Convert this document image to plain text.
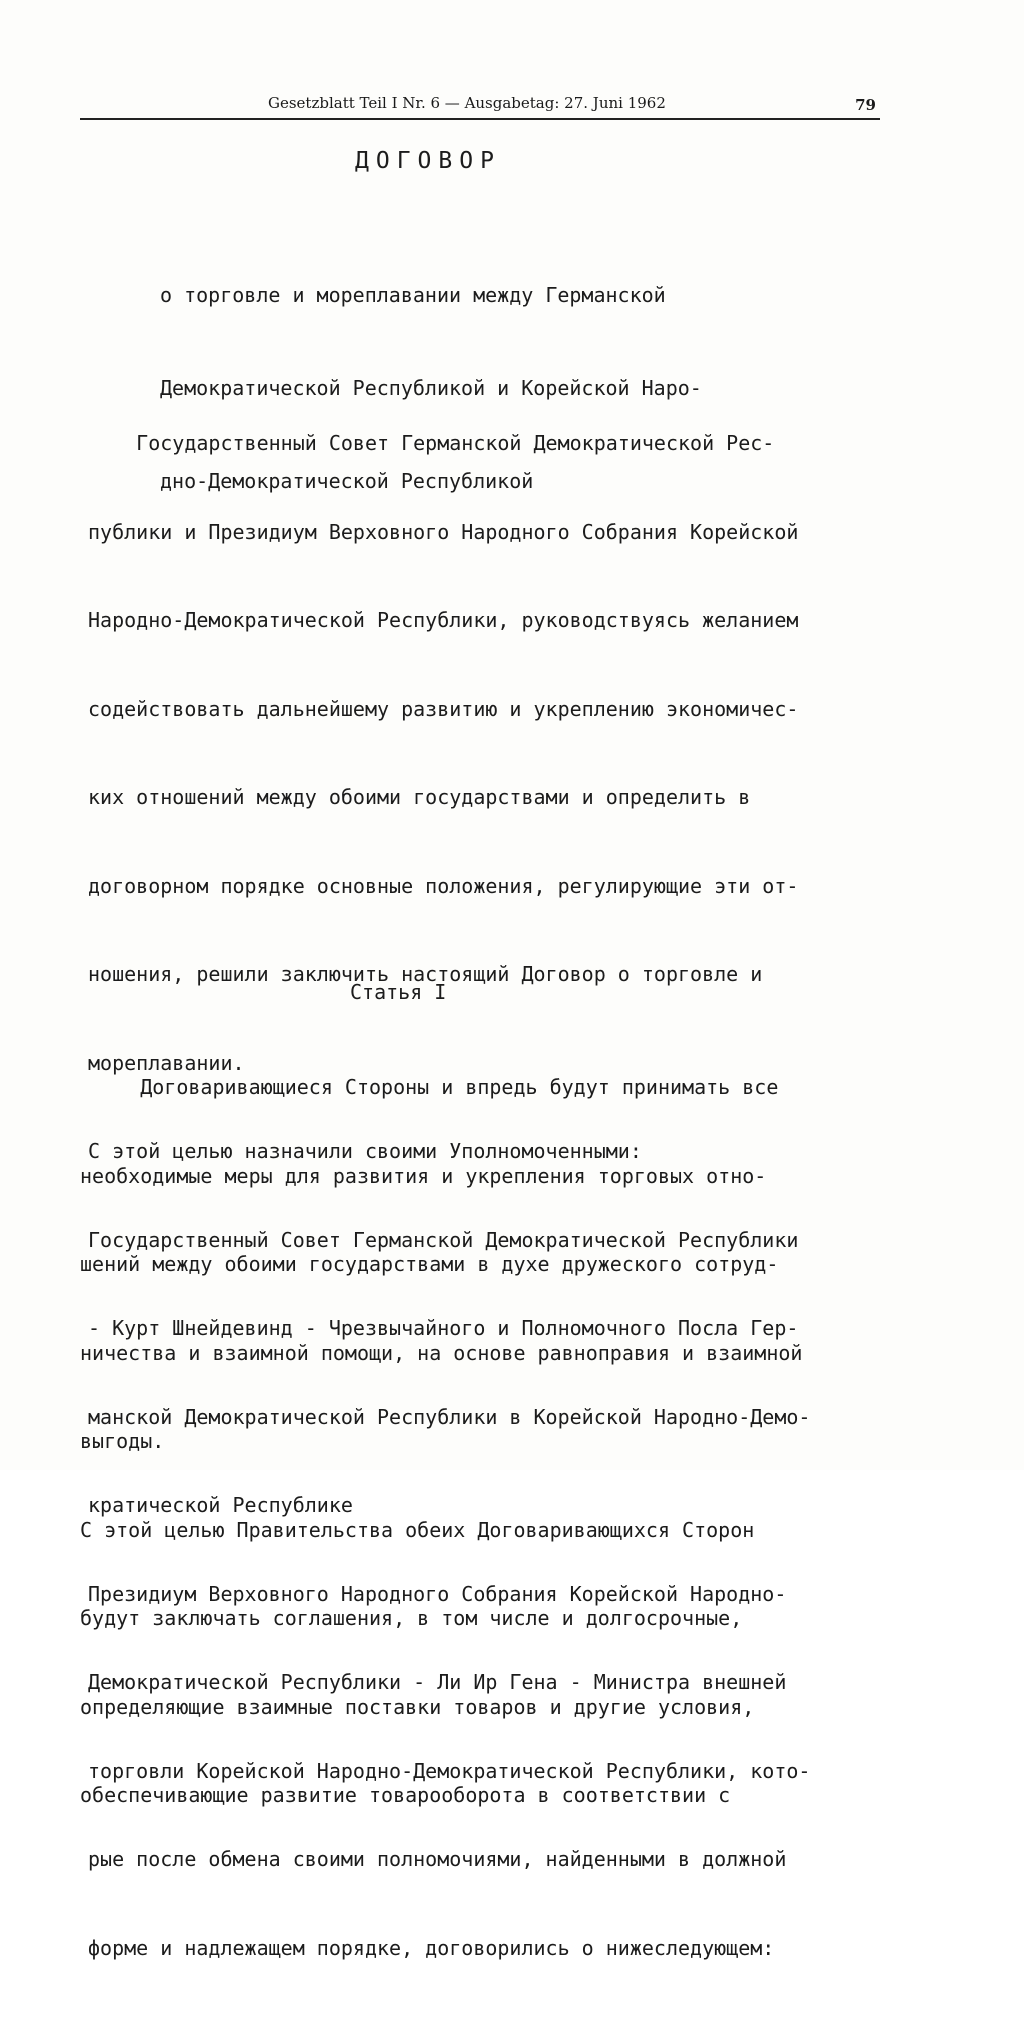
Gesetzblatt Teil I Nr. 6 — Ausgabetag: 27. Juni 1962	79
ДОГОВОР

о торговле и мореплавании между Германской

Демократической Республикой и Корейской Наро-

дно-Демократической Республикой

Государственный Совет Германской Демократической Рес-

публики и Президиум Верховного Народного Собрания Корейской

Народно-Демократической Республики, руководствуясь желанием

содействовать дальнейшему развитию и укреплению экономичес-

ких отношений между обоими государствами и определить в

договорном порядке основные положения, регулирующие эти от-

ношения, решили заключить настоящий Договор о торговле и

мореплавании.

С этой целью назначили своими Уполномоченными:

Государственный Совет Германской Демократической Республики

- Курт Шнейдевинд - Чрезвычайного и Полномочного Посла Гер-

манской Демократической Республики в Корейской Народно-Демо-

кратической Республике

Президиум Верховного Народного Собрания Корейской Народно-

Демократической Республики - Ли Ир Гена - Министра внешней

торговли Корейской Народно-Демократической Республики, кото-

рые после обмена своими полномочиями, найденными в должной

форме и надлежащем порядке, договорились о нижеследующем:

Статья I

Договаривающиеся Стороны и впредь будут принимать все

необходимые меры для развития и укрепления торговых отно-

шений между обоими государствами в духе дружеского сотруд-

ничества и взаимной помощи, на основе равноправия и взаимной

выгоды.

С этой целью Правительства обеих Договаривающихся Сторон

будут заключать соглашения, в том числе и долгосрочные,

определяющие взаимные поставки товаров и другие условия,

обеспечивающие развитие товарооборота в соответствии с
